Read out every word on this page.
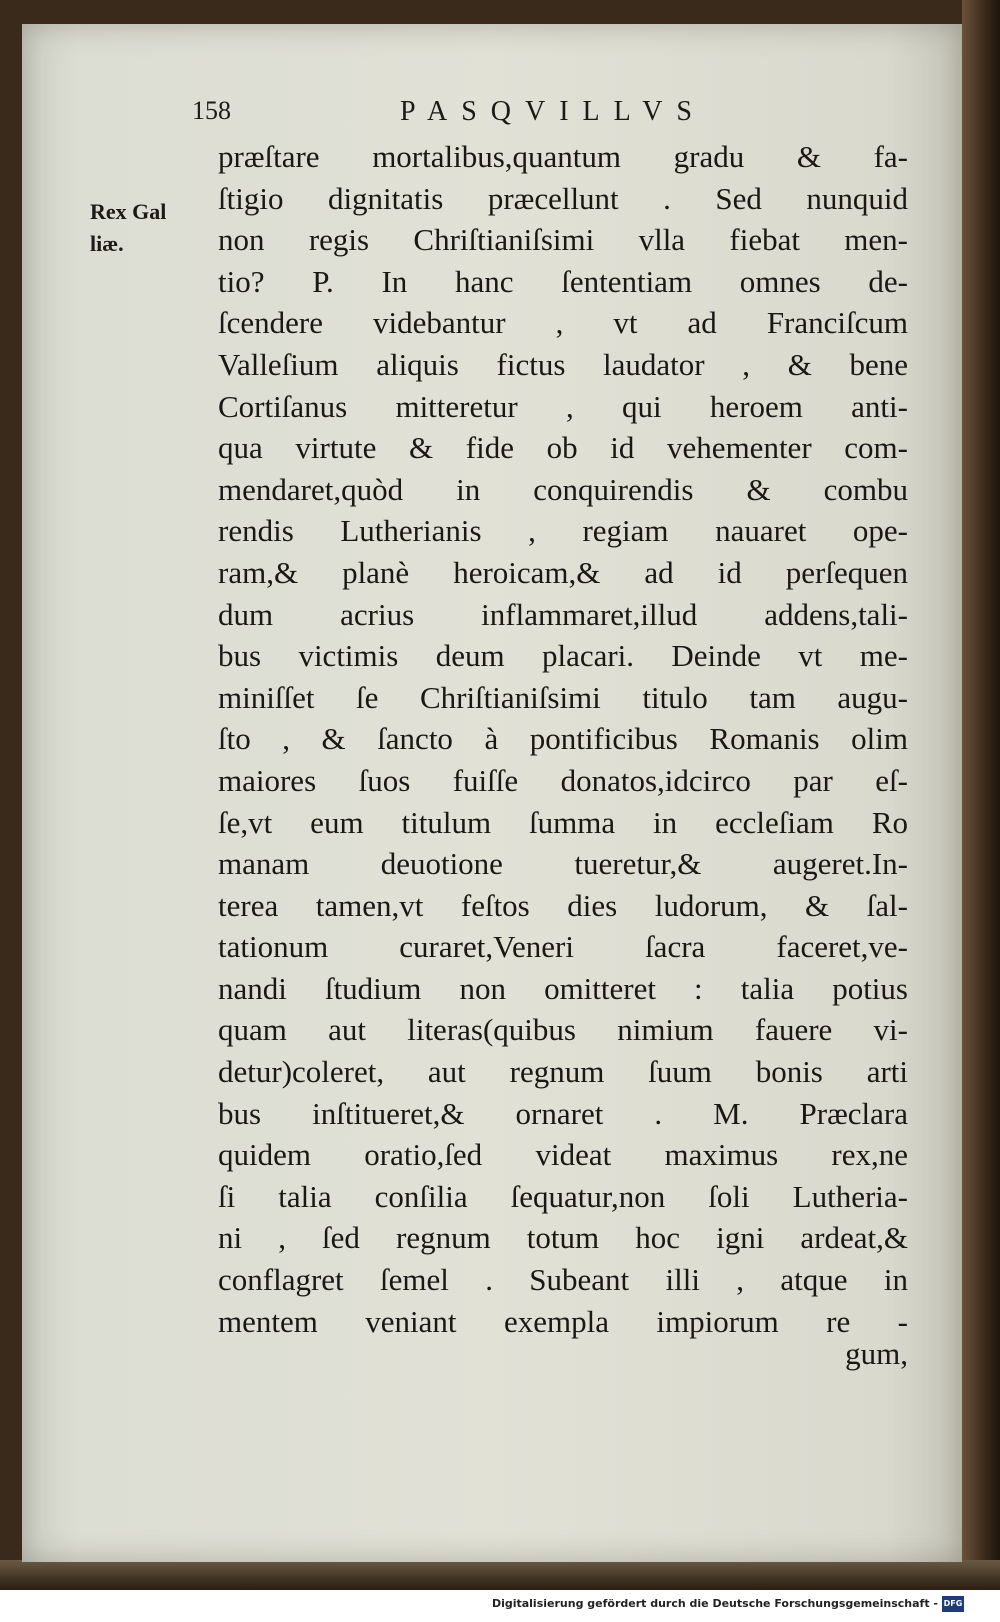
158	PASQVILLVS
Rex Gal
liæ.
præſtare mortalibus,quantum gradu & fa-
ſtigio dignitatis præcellunt . Sed nunquid
non regis Chriſtianiſsimi vlla fiebat men-
tio? P. In hanc ſententiam omnes de-
ſcendere videbantur , vt ad Franciſcum
Valleſium aliquis fictus laudator , & bene
Cortiſanus mitteretur , qui heroem anti-
qua virtute & fide ob id vehementer com-
mendaret,quòd in conquirendis & combu
rendis Lutherianis , regiam nauaret ope-
ram,& planè heroicam,& ad id perſequen
dum acrius inflammaret,illud addens,tali-
bus victimis deum placari. Deinde vt me-
miniſſet ſe Chriſtianiſsimi titulo tam augu-
ſto , & ſancto à pontificibus Romanis olim
maiores ſuos fuiſſe donatos,idcirco par eſ-
ſe,vt eum titulum ſumma in eccleſiam Ro
manam deuotione tueretur,& augeret.In-
terea tamen,vt feſtos dies ludorum, & ſal-
tationum curaret,Veneri ſacra faceret,ve-
nandi ſtudium non omitteret : talia potius
quam aut literas(quibus nimium fauere vi-
detur)coleret, aut regnum ſuum bonis arti
bus inſtitueret,& ornaret . M. Præclara
quidem oratio,ſed videat maximus rex,ne
ſi talia conſilia ſequatur,non ſoli Lutheria-
ni , ſed regnum totum hoc igni ardeat,&
conflagret ſemel . Subeant illi , atque in
mentem veniant exempla impiorum re -
gum,
Digitalisierung gefördert durch die Deutsche Forschungsgemeinschaft - DFG
